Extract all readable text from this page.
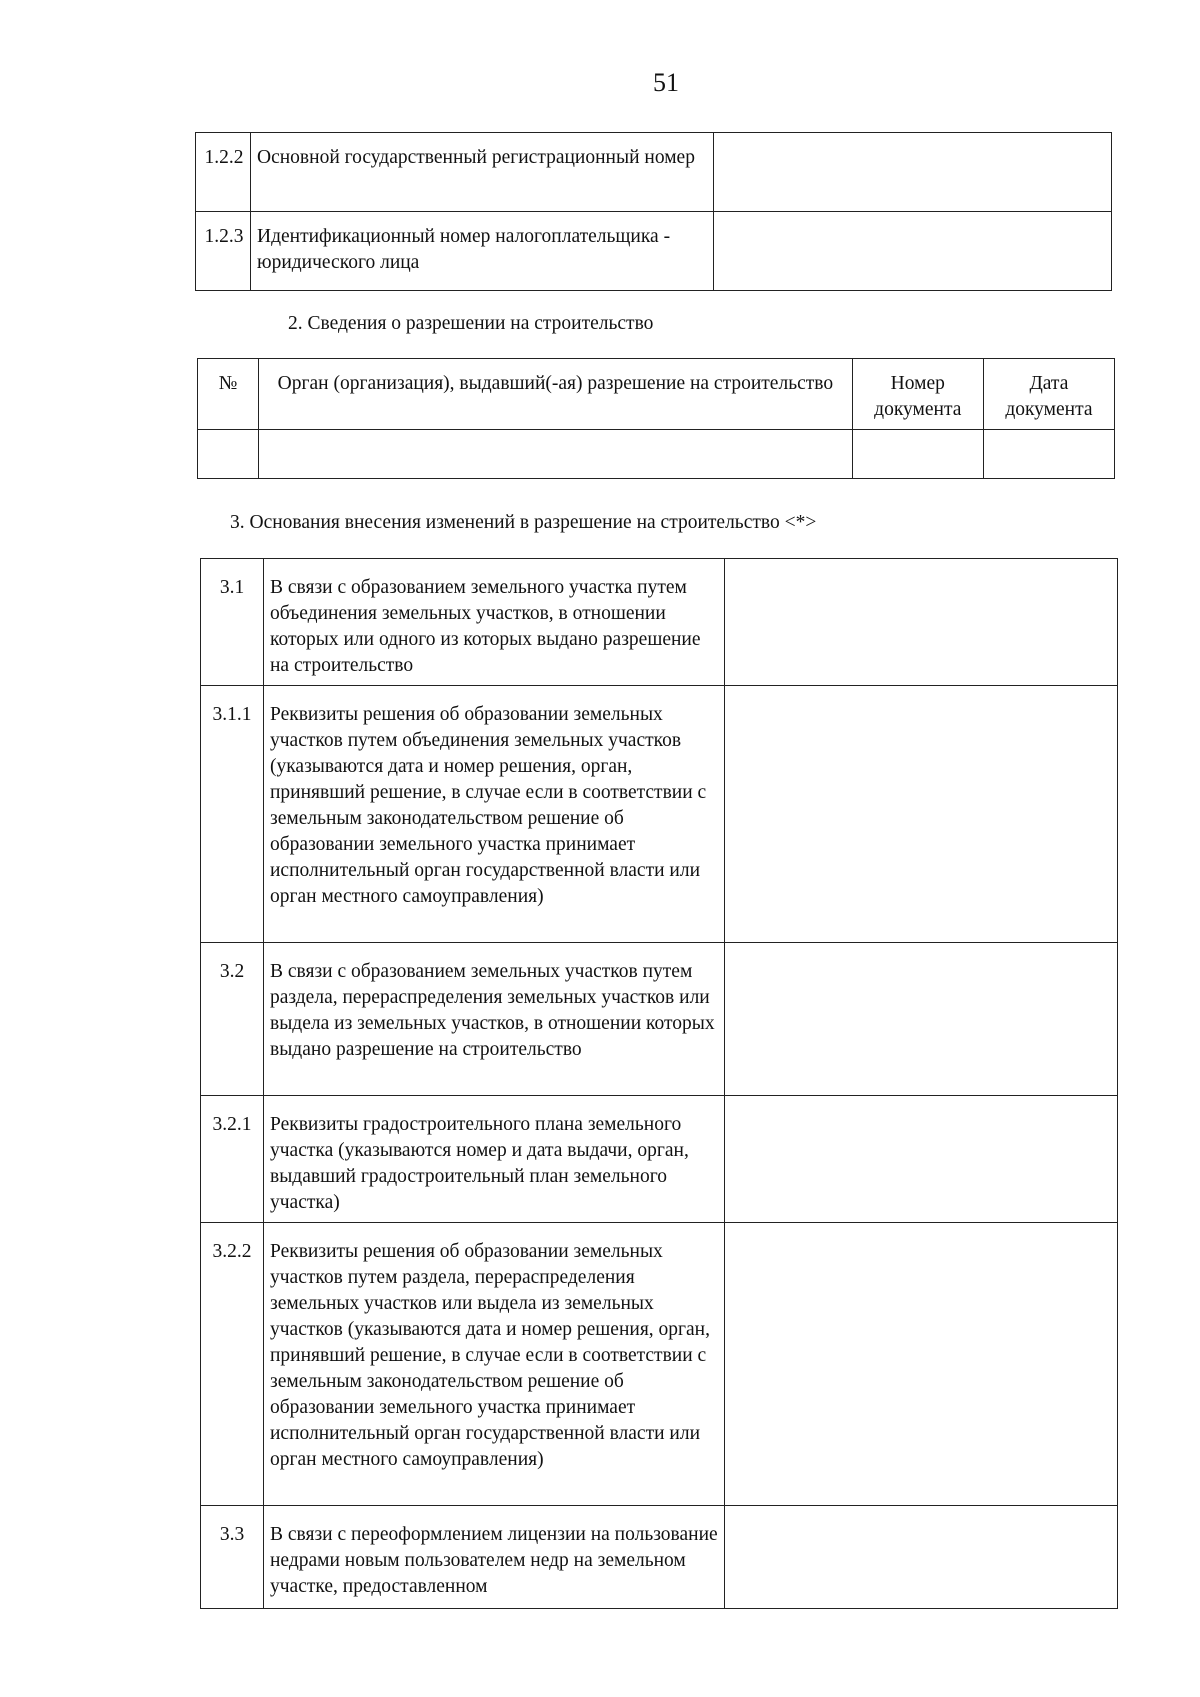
51
1.2.2	Основной государственный регистрационный номер	
1.2.3	Идентификационный номер налогоплательщика - юридического лица	
2. Сведения о разрешении на строительство
№	Орган (организация), выдавший(-ая) разрешение на строительство	Номер документа	Дата документа

3. Основания внесения изменений в разрешение на строительство <*>
3.1	В связи с образованием земельного участка путем объединения земельных участков, в отношении которых или одного из которых выдано разрешение на строительство	
3.1.1	Реквизиты решения об образовании земельных участков путем объединения земельных участков (указываются дата и номер решения, орган, принявший решение, в случае если в соответствии с земельным законодательством решение об образовании земельного участка принимает исполнительный орган государственной власти или орган местного самоуправления)	
3.2	В связи с образованием земельных участков путем раздела, перераспределения земельных участков или выдела из земельных участков, в отношении которых выдано разрешение на строительство	
3.2.1	Реквизиты градостроительного плана земельного участка (указываются номер и дата выдачи, орган, выдавший градостроительный план земельного участка)	
3.2.2	Реквизиты решения об образовании земельных участков путем раздела, перераспределения земельных участков или выдела из земельных участков (указываются дата и номер решения, орган, принявший решение, в случае если в соответствии с земельным законодательством решение об образовании земельного участка принимает исполнительный орган государственной власти или орган местного самоуправления)	
3.3	В связи с переоформлением лицензии на пользование недрами новым пользователем недр на земельном участке, предоставленном	
